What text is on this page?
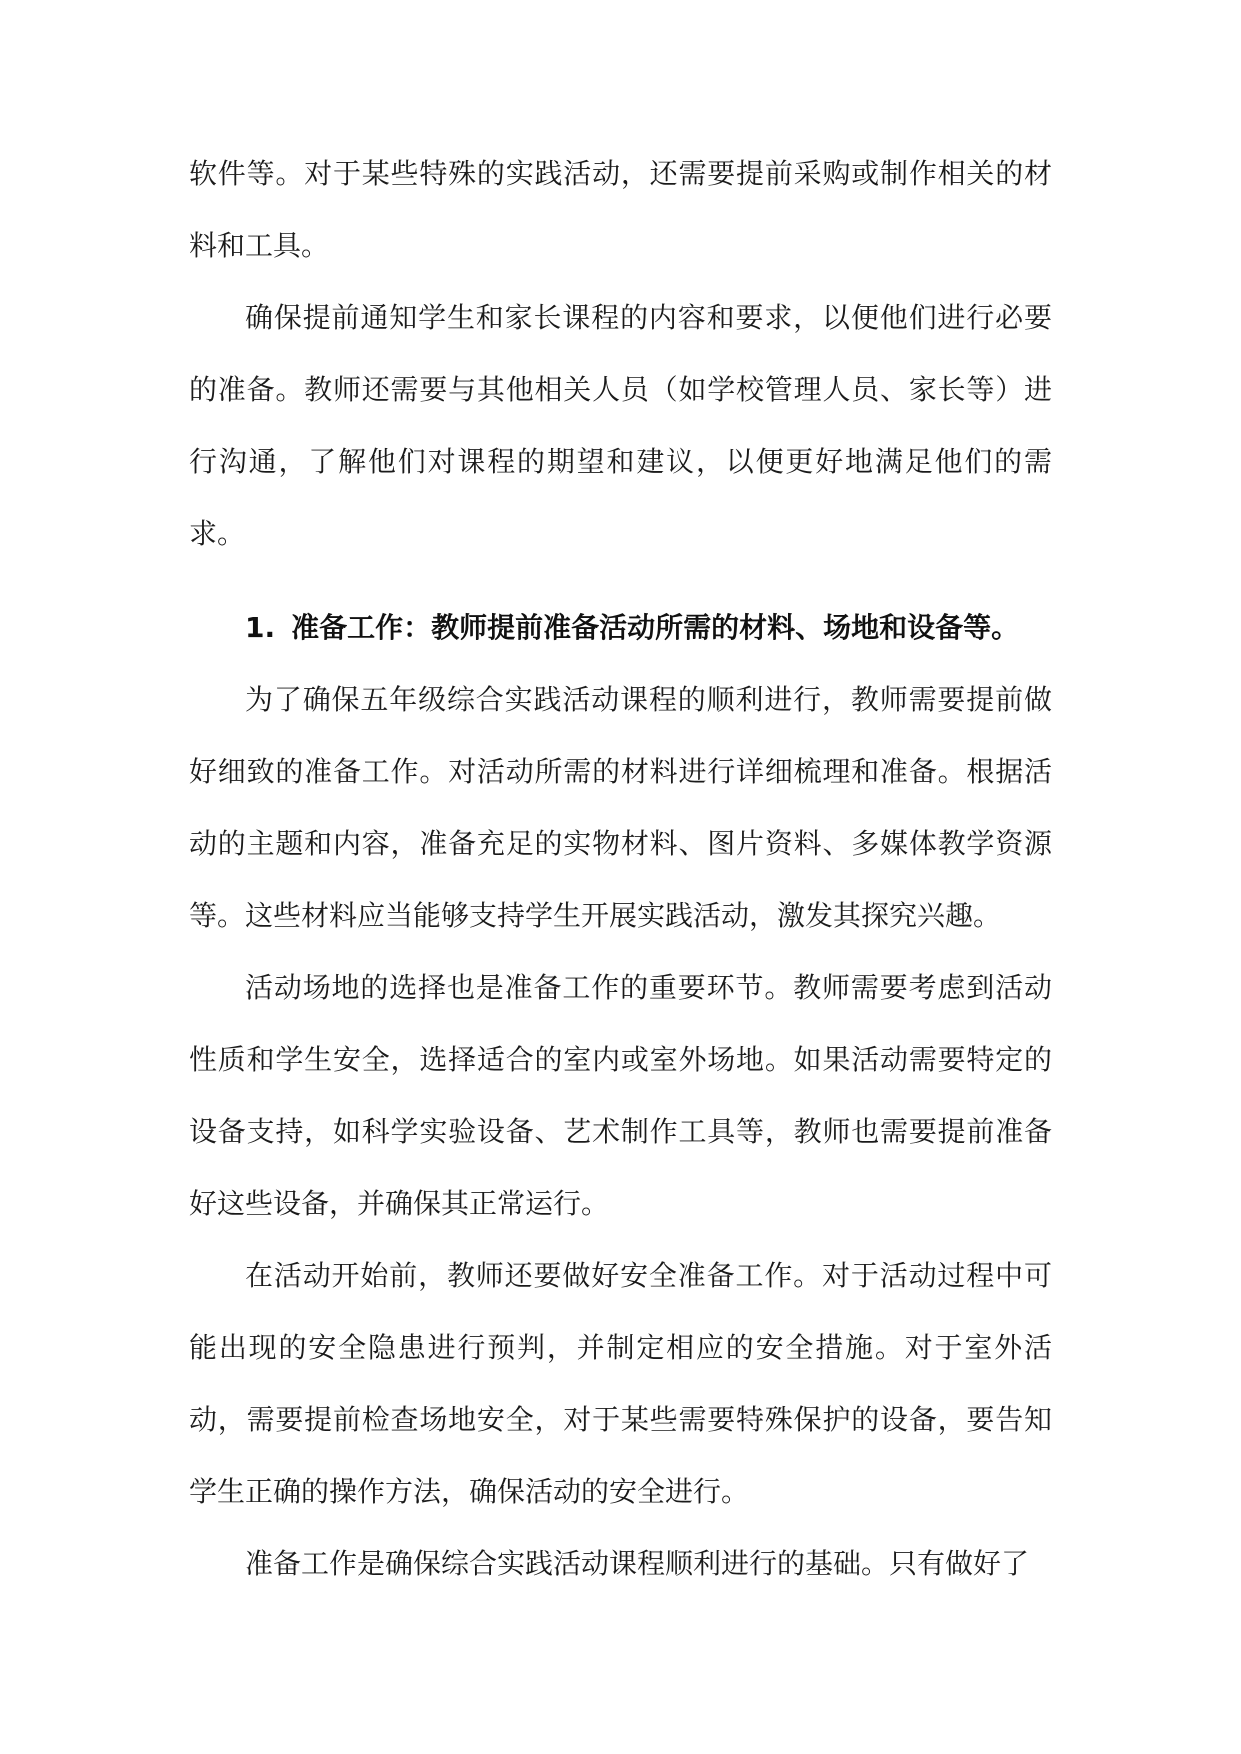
软件等。对于某些特殊的实践活动，还需要提前采购或制作相关的材料和工具。

确保提前通知学生和家长课程的内容和要求，以便他们进行必要的准备。教师还需要与其他相关人员（如学校管理人员、家长等）进行沟通，了解他们对课程的期望和建议，以便更好地满足他们的需求。

1. 准备工作：教师提前准备活动所需的材料、场地和设备等。

为了确保五年级综合实践活动课程的顺利进行，教师需要提前做好细致的准备工作。对活动所需的材料进行详细梳理和准备。根据活动的主题和内容，准备充足的实物材料、图片资料、多媒体教学资源等。这些材料应当能够支持学生开展实践活动，激发其探究兴趣。

活动场地的选择也是准备工作的重要环节。教师需要考虑到活动性质和学生安全，选择适合的室内或室外场地。如果活动需要特定的设备支持，如科学实验设备、艺术制作工具等，教师也需要提前准备好这些设备，并确保其正常运行。

在活动开始前，教师还要做好安全准备工作。对于活动过程中可能出现的安全隐患进行预判，并制定相应的安全措施。对于室外活动，需要提前检查场地安全，对于某些需要特殊保护的设备，要告知学生正确的操作方法，确保活动的安全进行。

准备工作是确保综合实践活动课程顺利进行的基础。只有做好了
